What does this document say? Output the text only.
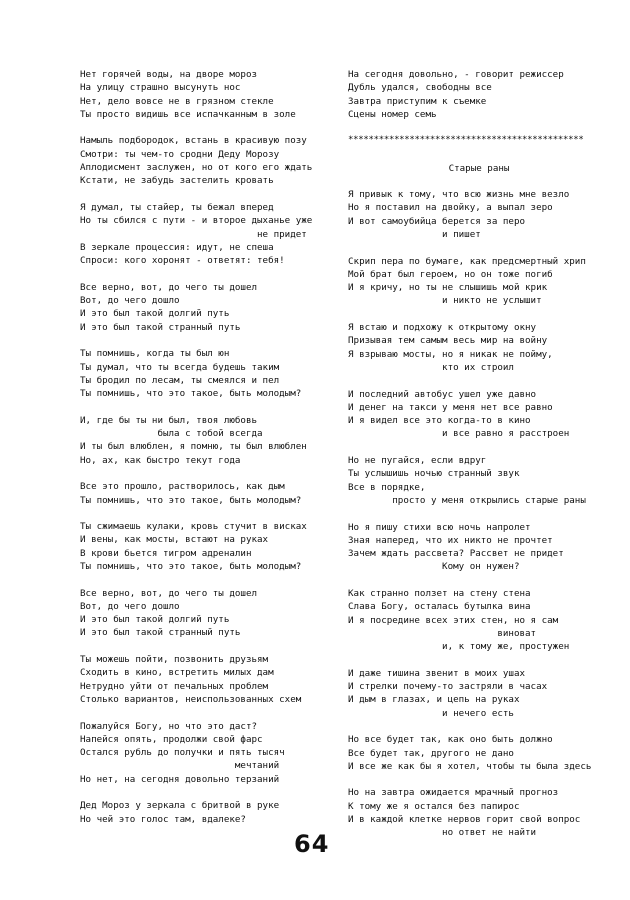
Нет горячей воды, на дворе мороз
На улицу страшно высунуть нос
Нет, дело вовсе не в грязном стекле
Ты просто видишь все испачканным в золе
Намыль подбородок, встань в красивую позу
Смотри: ты чем-то сродни Деду Морозу
Аплодисмент заслужен, но от кого его ждать
Кстати, не забудь застелить кровать
Я думал, ты стайер, ты бежал вперед
Но ты сбился с пути - и второе дыханье уже
не придет
В зеркале процессия: идут, не спеша
Спроси: кого хоронят - ответят: тебя!
Все верно, вот, до чего ты дошел
Вот, до чего дошло
И это был такой долгий путь
И это был такой странный путь
Ты помнишь, когда ты был юн
Ты думал, что ты всегда будешь таким
Ты бродил по лесам, ты смеялся и пел
Ты помнишь, что это такое, быть молодым?
И, где бы ты ни был, твоя любовь
была с тобой всегда
И ты был влюблен, я помню, ты был влюблен
Но, ах, как быстро текут года
Все это прошло, растворилось, как дым
Ты помнишь, что это такое, быть молодым?
Ты сжимаешь кулаки, кровь стучит в висках
И вены, как мосты, встают на руках
В крови бьется тигром адреналин
Ты помнишь, что это такое, быть молодым?
Все верно, вот, до чего ты дошел
Вот, до чего дошло
И это был такой долгий путь
И это был такой странный путь
Ты можешь пойти, позвонить друзьям
Сходить в кино, встретить милых дам
Нетрудно уйти от печальных проблем
Столько вариантов, неиспользованных схем
Пожалуйся Богу, но что это даст?
Напейся опять, продолжи свой фарс
Остался рубль до получки и пять тысяч
мечтаний
Но нет, на сегодня довольно терзаний
Дед Мороз у зеркала с бритвой в руке
Но чей это голос там, вдалеке?
На сегодня довольно, - говорит режиссер
Дубль удался, свободны все
Завтра приступим к съемке
Сцены номер семь
**********************************************
Старые раны
Я привык к тому, что всю жизнь мне везло
Но я поставил на двойку, а выпал зеро
И вот самоубийца берется за перо
и пишет
Скрип пера по бумаге, как предсмертный хрип
Мой брат был героем, но он тоже погиб
И я кричу, но ты не слышишь мой крик
и никто не услышит
Я встаю и подхожу к открытому окну
Призывая тем самым весь мир на войну
Я взрываю мосты, но я никак не пойму,
кто их строил
И последний автобус ушел уже давно
И денег на такси у меня нет все равно
И я видел все это когда-то в кино
и все равно я расстроен
Но не пугайся, если вдруг
Ты услышишь ночью странный звук
Все в порядке,
просто у меня открылись старые раны
Но я пишу стихи всю ночь напролет
Зная наперед, что их никто не прочтет
Зачем ждать рассвета? Рассвет не придет
Кому он нужен?
Как странно ползет на стену стена
Слава Богу, осталась бутылка вина
И я посредине всех этих стен, но я сам
виноват
и, к тому же, простужен
И даже тишина звенит в моих ушах
И стрелки почему-то застряли в часах
И дым в глазах, и цепь на руках
и нечего есть
Но все будет так, как оно быть должно
Все будет так, другого не дано
И все же как бы я хотел, чтобы ты была здесь
Но на завтра ожидается мрачный прогноз
К тому же я остался без папирос
И в каждой клетке нервов горит свой вопрос
но ответ не найти
64
